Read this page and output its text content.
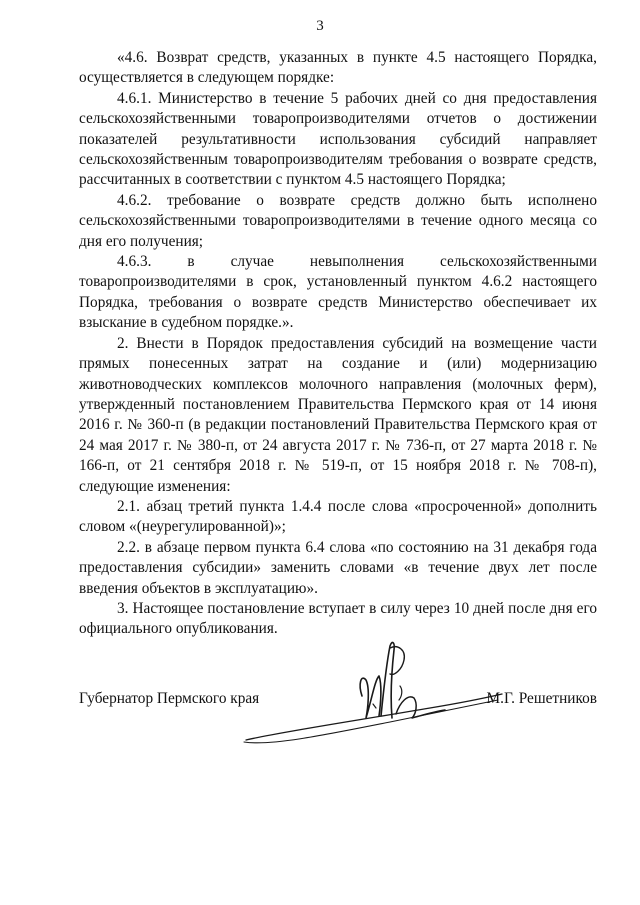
3

«4.6. Возврат средств, указанных в пункте 4.5 настоящего Порядка, осуществляется в следующем порядке:

4.6.1. Министерство в течение 5 рабочих дней со дня предоставления сельскохозяйственными товаропроизводителями отчетов о достижении показателей результативности использования субсидий направляет сельскохозяйственным товаропроизводителям требования о возврате средств, рассчитанных в соответствии с пунктом 4.5 настоящего Порядка;

4.6.2. требование о возврате средств должно быть исполнено сельскохозяйственными товаропроизводителями в течение одного месяца со дня его получения;

4.6.3. в случае невыполнения сельскохозяйственными товаропроизводителями в срок, установленный пунктом 4.6.2 настоящего Порядка, требования о возврате средств Министерство обеспечивает их взыскание в судебном порядке.».

2. Внести в Порядок предоставления субсидий на возмещение части прямых понесенных затрат на создание и (или) модернизацию животноводческих комплексов молочного направления (молочных ферм), утвержденный постановлением Правительства Пермского края от 14 июня 2016 г. № 360-п (в редакции постановлений Правительства Пермского края от 24 мая 2017 г. № 380-п, от 24 августа 2017 г. № 736-п, от 27 марта 2018 г. № 166-п, от 21 сентября 2018 г. № 519-п, от 15 ноября 2018 г. № 708-п), следующие изменения:

2.1. абзац третий пункта 1.4.4 после слова «просроченной» дополнить словом «(неурегулированной)»;

2.2. в абзаце первом пункта 6.4 слова «по состоянию на 31 декабря года предоставления субсидии» заменить словами «в течение двух лет после введения объектов в эксплуатацию».

3. Настоящее постановление вступает в силу через 10 дней после дня его официального опубликования.

Губернатор Пермского края	М.Г. Решетников
